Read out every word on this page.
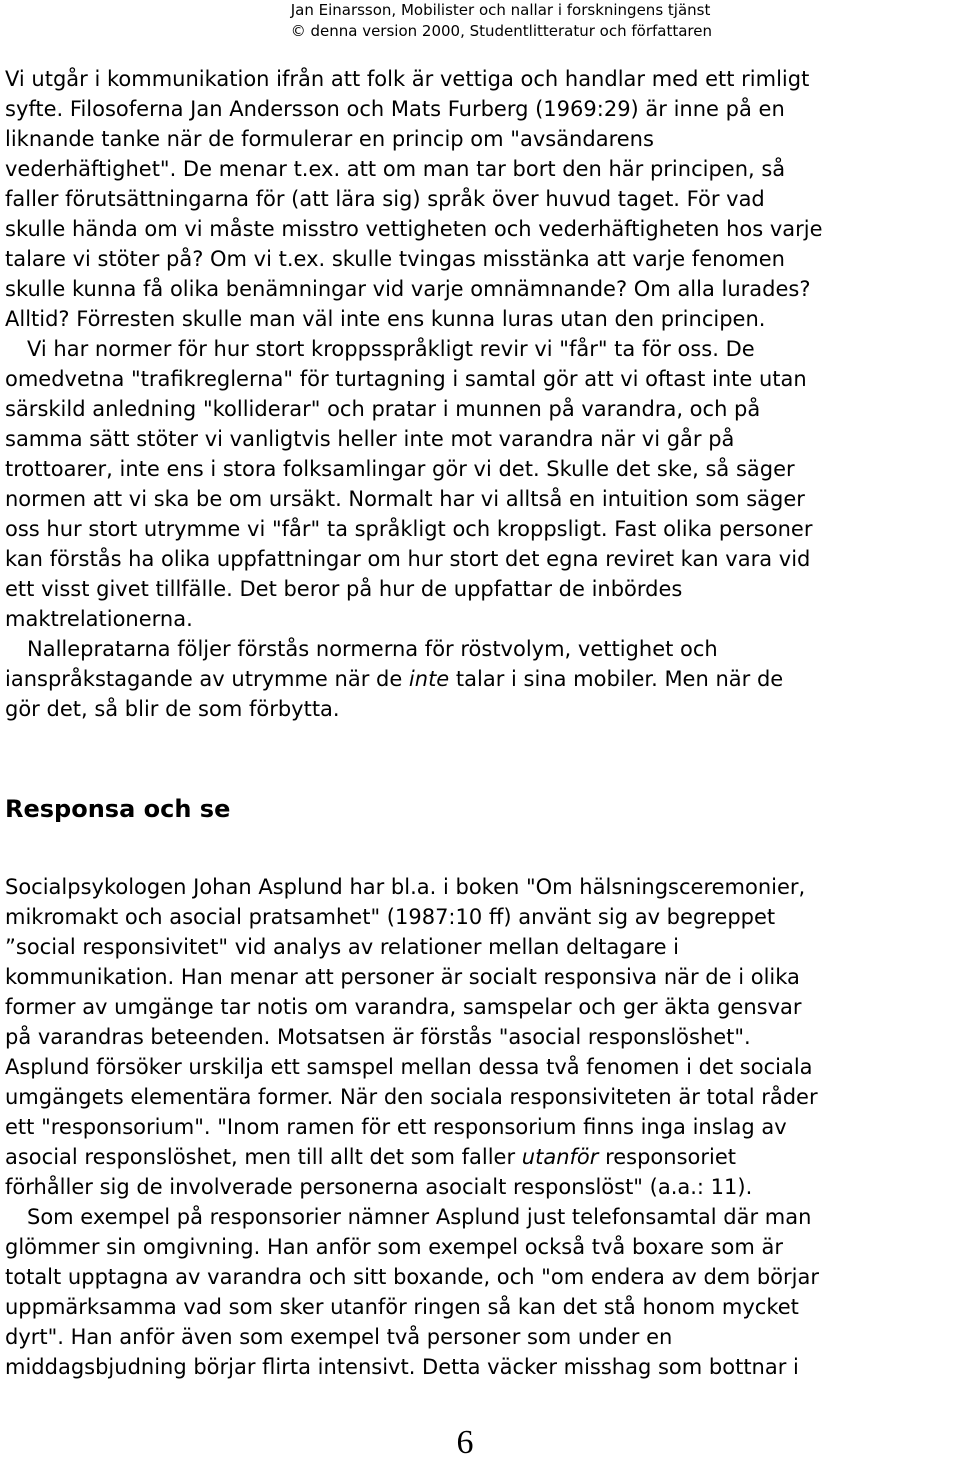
Jan Einarsson, Mobilister och nallar i forskningens tjänst
© denna version 2000, Studentlitteratur och författaren

Vi utgår i kommunikation ifrån att folk är vettiga och handlar med ett rimligt

syfte. Filosoferna Jan Andersson och Mats Furberg (1969:29) är inne på en

liknande tanke när de formulerar en princip om "avsändarens

vederhäftighet". De menar t.ex. att om man tar bort den här principen, så

faller förutsättningarna för (att lära sig) språk över huvud taget. För vad

skulle hända om vi måste misstro vettigheten och vederhäftigheten hos varje

talare vi stöter på? Om vi t.ex. skulle tvingas misstänka att varje fenomen

skulle kunna få olika benämningar vid varje omnämnande? Om alla lurades?

Alltid? Förresten skulle man väl inte ens kunna luras utan den principen.

Vi har normer för hur stort kroppsspråkligt revir vi "får" ta för oss. De

omedvetna "trafikreglerna" för turtagning i samtal gör att vi oftast inte utan

särskild anledning "kolliderar" och pratar i munnen på varandra, och på

samma sätt stöter vi vanligtvis heller inte mot varandra när vi går på

trottoarer, inte ens i stora folksamlingar gör vi det. Skulle det ske, så säger

normen att vi ska be om ursäkt. Normalt har vi alltså en intuition som säger

oss hur stort utrymme vi "får" ta språkligt och kroppsligt. Fast olika personer

kan förstås ha olika uppfattningar om hur stort det egna reviret kan vara vid

ett visst givet tillfälle. Det beror på hur de uppfattar de inbördes

maktrelationerna.

Nallepratarna följer förstås normerna för röstvolym, vettighet och

ianspråkstagande av utrymme när de inte talar i sina mobiler. Men när de

gör det, så blir de som förbytta.

Responsa och se

Socialpsykologen Johan Asplund har bl.a. i boken "Om hälsningsceremonier,

mikromakt och asocial pratsamhet" (1987:10 ff) använt sig av begreppet

”social responsivitet" vid analys av relationer mellan deltagare i

kommunikation. Han menar att personer är socialt responsiva när de i olika

former av umgänge tar notis om varandra, samspelar och ger äkta gensvar

på varandras beteenden. Motsatsen är förstås "asocial responslöshet".

Asplund försöker urskilja ett samspel mellan dessa två fenomen i det sociala

umgängets elementära former. När den sociala responsiviteten är total råder

ett "responsorium". "Inom ramen för ett responsorium finns inga inslag av

asocial responslöshet, men till allt det som faller utanför responsoriet

förhåller sig de involverade personerna asocialt responslöst" (a.a.: 11).

Som exempel på responsorier nämner Asplund just telefonsamtal där man

glömmer sin omgivning. Han anför som exempel också två boxare som är

totalt upptagna av varandra och sitt boxande, och "om endera av dem börjar

uppmärksamma vad som sker utanför ringen så kan det stå honom mycket

dyrt". Han anför även som exempel två personer som under en

middagsbjudning börjar flirta intensivt. Detta väcker misshag som bottnar i

6
